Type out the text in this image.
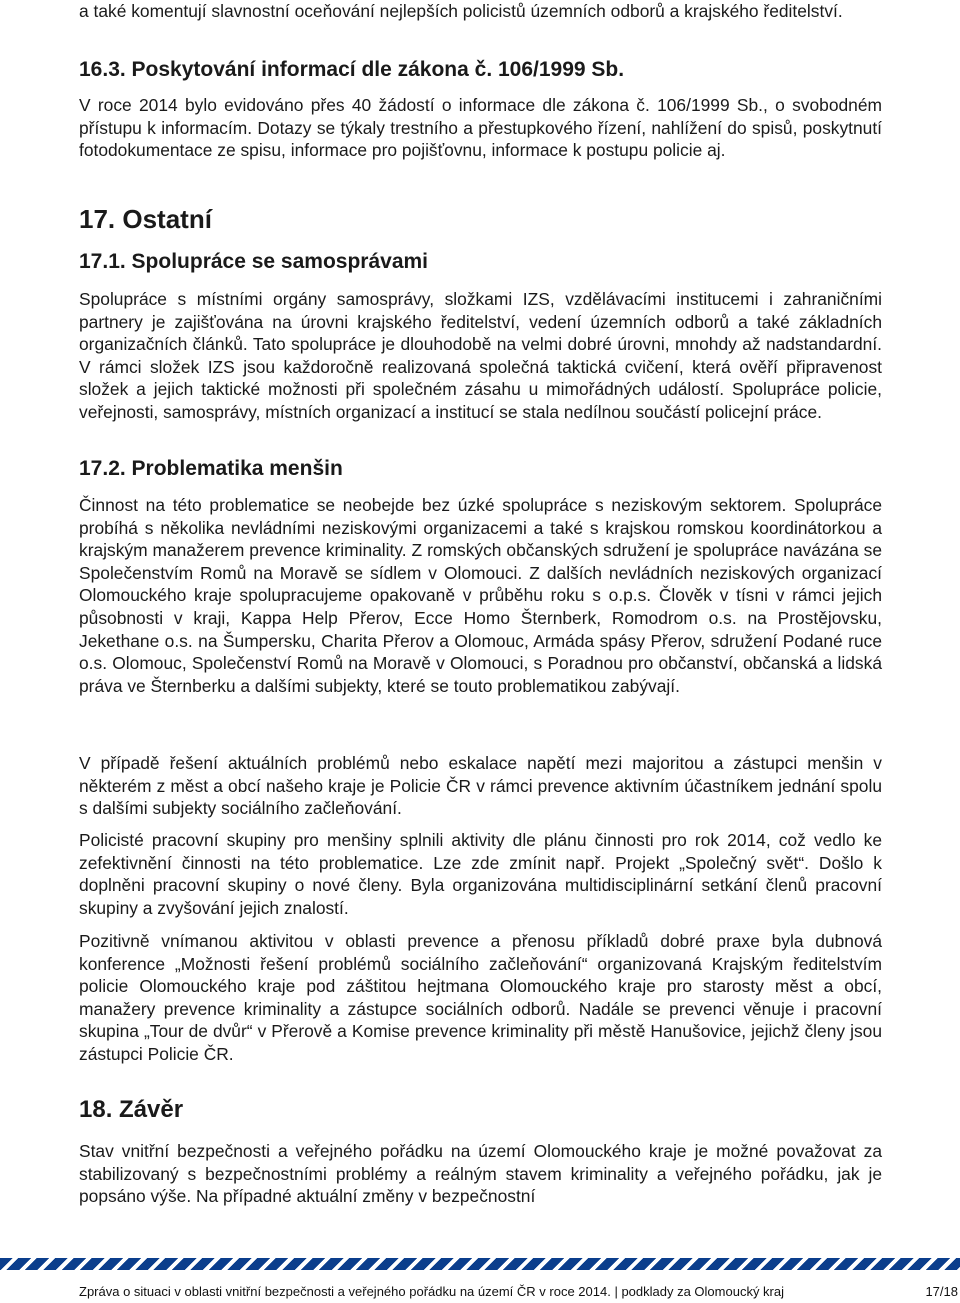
a také komentují slavnostní oceňování nejlepších policistů územních odborů a krajského ředitelství.

16.3. Poskytování informací dle zákona č. 106/1999 Sb.

V roce 2014 bylo evidováno přes 40 žádostí o informace dle zákona č. 106/1999 Sb., o svobodném přístupu k informacím. Dotazy se týkaly trestního a přestupkového řízení, nahlížení do spisů, poskytnutí fotodokumentace ze spisu, informace pro pojišťovnu, informace k postupu policie aj.

17. Ostatní
17.1. Spolupráce se samosprávami

Spolupráce s místními orgány samosprávy, složkami IZS, vzdělávacími institucemi i zahraničními partnery je zajišťována na úrovni krajského ředitelství, vedení územních odborů a také základních organizačních článků. Tato spolupráce je dlouhodobě na velmi dobré úrovni, mnohdy až nadstandardní. V rámci složek IZS jsou každoročně realizovaná společná taktická cvičení, která ověří připravenost složek a jejich taktické možnosti při společném zásahu u mimořádných událostí. Spolupráce policie, veřejnosti, samosprávy, místních organizací a institucí se stala nedílnou součástí policejní práce.

17.2. Problematika menšin

Činnost na této problematice se neobejde bez úzké spolupráce s neziskovým sektorem. Spolupráce probíhá s několika nevládními neziskovými organizacemi a také s krajskou romskou koordinátorkou a krajským manažerem prevence kriminality. Z romských občanských sdružení je spolupráce navázána se Společenstvím Romů na Moravě se sídlem v Olomouci. Z dalších nevládních neziskových organizací Olomouckého kraje spolupracujeme opakovaně v průběhu roku s o.p.s. Člověk v tísni v rámci jejich působnosti v kraji, Kappa Help Přerov, Ecce Homo Šternberk, Romodrom o.s. na Prostějovsku, Jekethane o.s. na Šumpersku, Charita Přerov a Olomouc, Armáda spásy Přerov, sdružení Podané ruce o.s. Olomouc, Společenství Romů na Moravě v Olomouci, s Poradnou pro občanství, občanská a lidská práva ve Šternberku a dalšími subjekty, které se touto problematikou zabývají.

V případě řešení aktuálních problémů nebo eskalace napětí mezi majoritou a zástupci menšin v některém z měst a obcí našeho kraje je Policie ČR v rámci prevence aktivním účastníkem jednání spolu s dalšími subjekty sociálního začleňování.

Policisté pracovní skupiny pro menšiny splnili aktivity dle plánu činnosti pro rok 2014, což vedlo ke zefektivnění činnosti na této problematice. Lze zde zmínit např. Projekt „Společný svět“. Došlo k doplněni pracovní skupiny o nové členy. Byla organizována multidisciplinární setkání členů pracovní skupiny a zvyšování jejich znalostí.

Pozitivně vnímanou aktivitou v oblasti prevence a přenosu příkladů dobré praxe byla dubnová konference „Možnosti řešení problémů sociálního začleňování“ organizovaná Krajským ředitelstvím policie Olomouckého kraje pod záštitou hejtmana Olomouckého kraje pro starosty měst a obcí, manažery prevence kriminality a zástupce sociálních odborů. Nadále se prevenci věnuje i pracovní skupina „Tour de dvůr“ v Přerově a Komise prevence kriminality při městě Hanušovice, jejichž členy jsou zástupci Policie ČR.

18. Závěr

Stav vnitřní bezpečnosti a veřejného pořádku na území Olomouckého kraje je možné považovat za stabilizovaný s bezpečnostními problémy a reálným stavem kriminality a veřejného pořádku, jak je popsáno výše. Na případné aktuální změny v bezpečnostní

Zpráva o situaci v oblasti vnitřní bezpečnosti a veřejného pořádku na území ČR v roce 2014. | podklady za Olomoucký kraj	17/18
